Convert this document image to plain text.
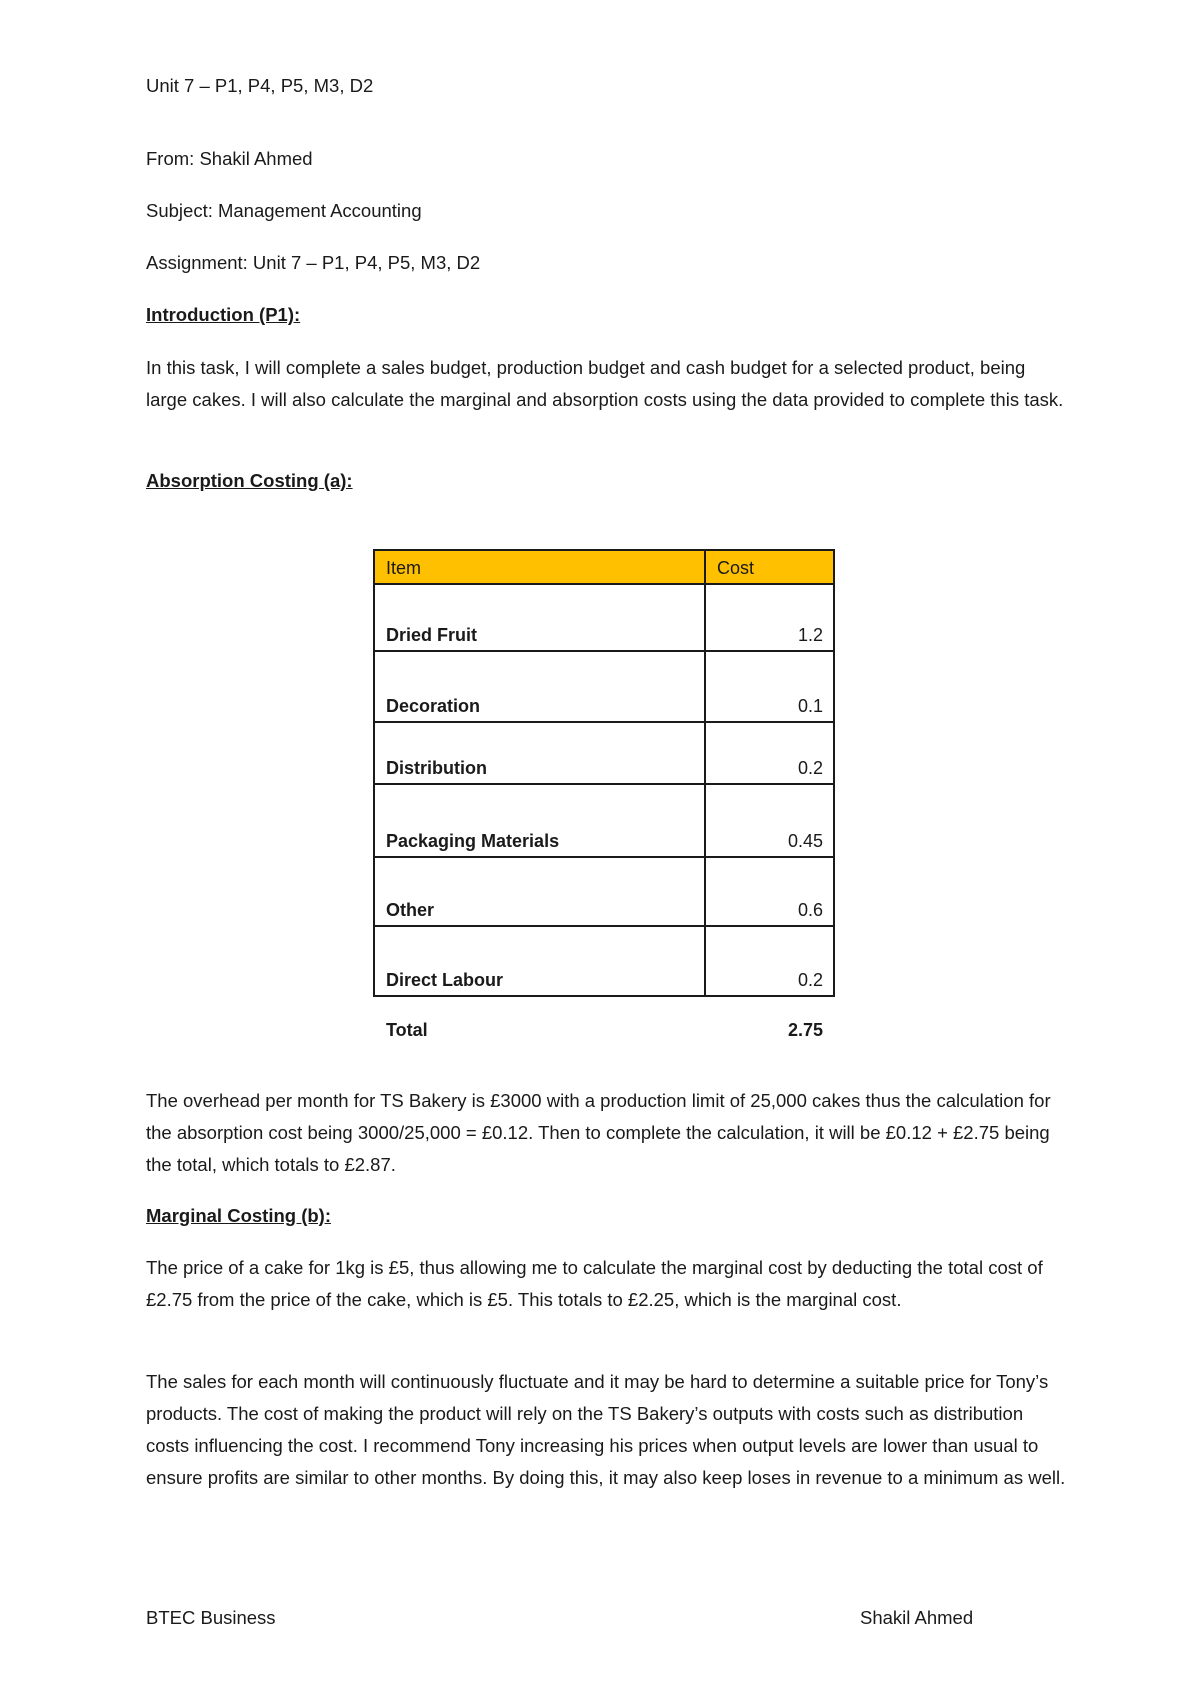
Unit 7 – P1, P4, P5, M3, D2
From: Shakil Ahmed
Subject: Management Accounting
Assignment: Unit 7 – P1, P4, P5, M3, D2
Introduction (P1):
In this task, I will complete a sales budget, production budget and cash budget for a selected product, being large cakes. I will also calculate the marginal and absorption costs using the data provided to complete this task.
Absorption Costing (a):
Item	Cost
Dried Fruit	1.2
Decoration	0.1
Distribution	0.2
Packaging Materials	0.45
Other	0.6
Direct Labour	0.2
Total	2.75
The overhead per month for TS Bakery is £3000 with a production limit of 25,000 cakes thus the calculation for the absorption cost being 3000/25,000 = £0.12. Then to complete the calculation, it will be £0.12 + £2.75 being the total, which totals to £2.87.
Marginal Costing (b):
The price of a cake for 1kg is £5, thus allowing me to calculate the marginal cost by deducting the total cost of £2.75 from the price of the cake, which is £5. This totals to £2.25, which is the marginal cost.
The sales for each month will continuously fluctuate and it may be hard to determine a suitable price for Tony’s products. The cost of making the product will rely on the TS Bakery’s outputs with costs such as distribution costs influencing the cost. I recommend Tony increasing his prices when output levels are lower than usual to ensure profits are similar to other months. By doing this, it may also keep loses in revenue to a minimum as well.
BTEC Business	Shakil Ahmed
